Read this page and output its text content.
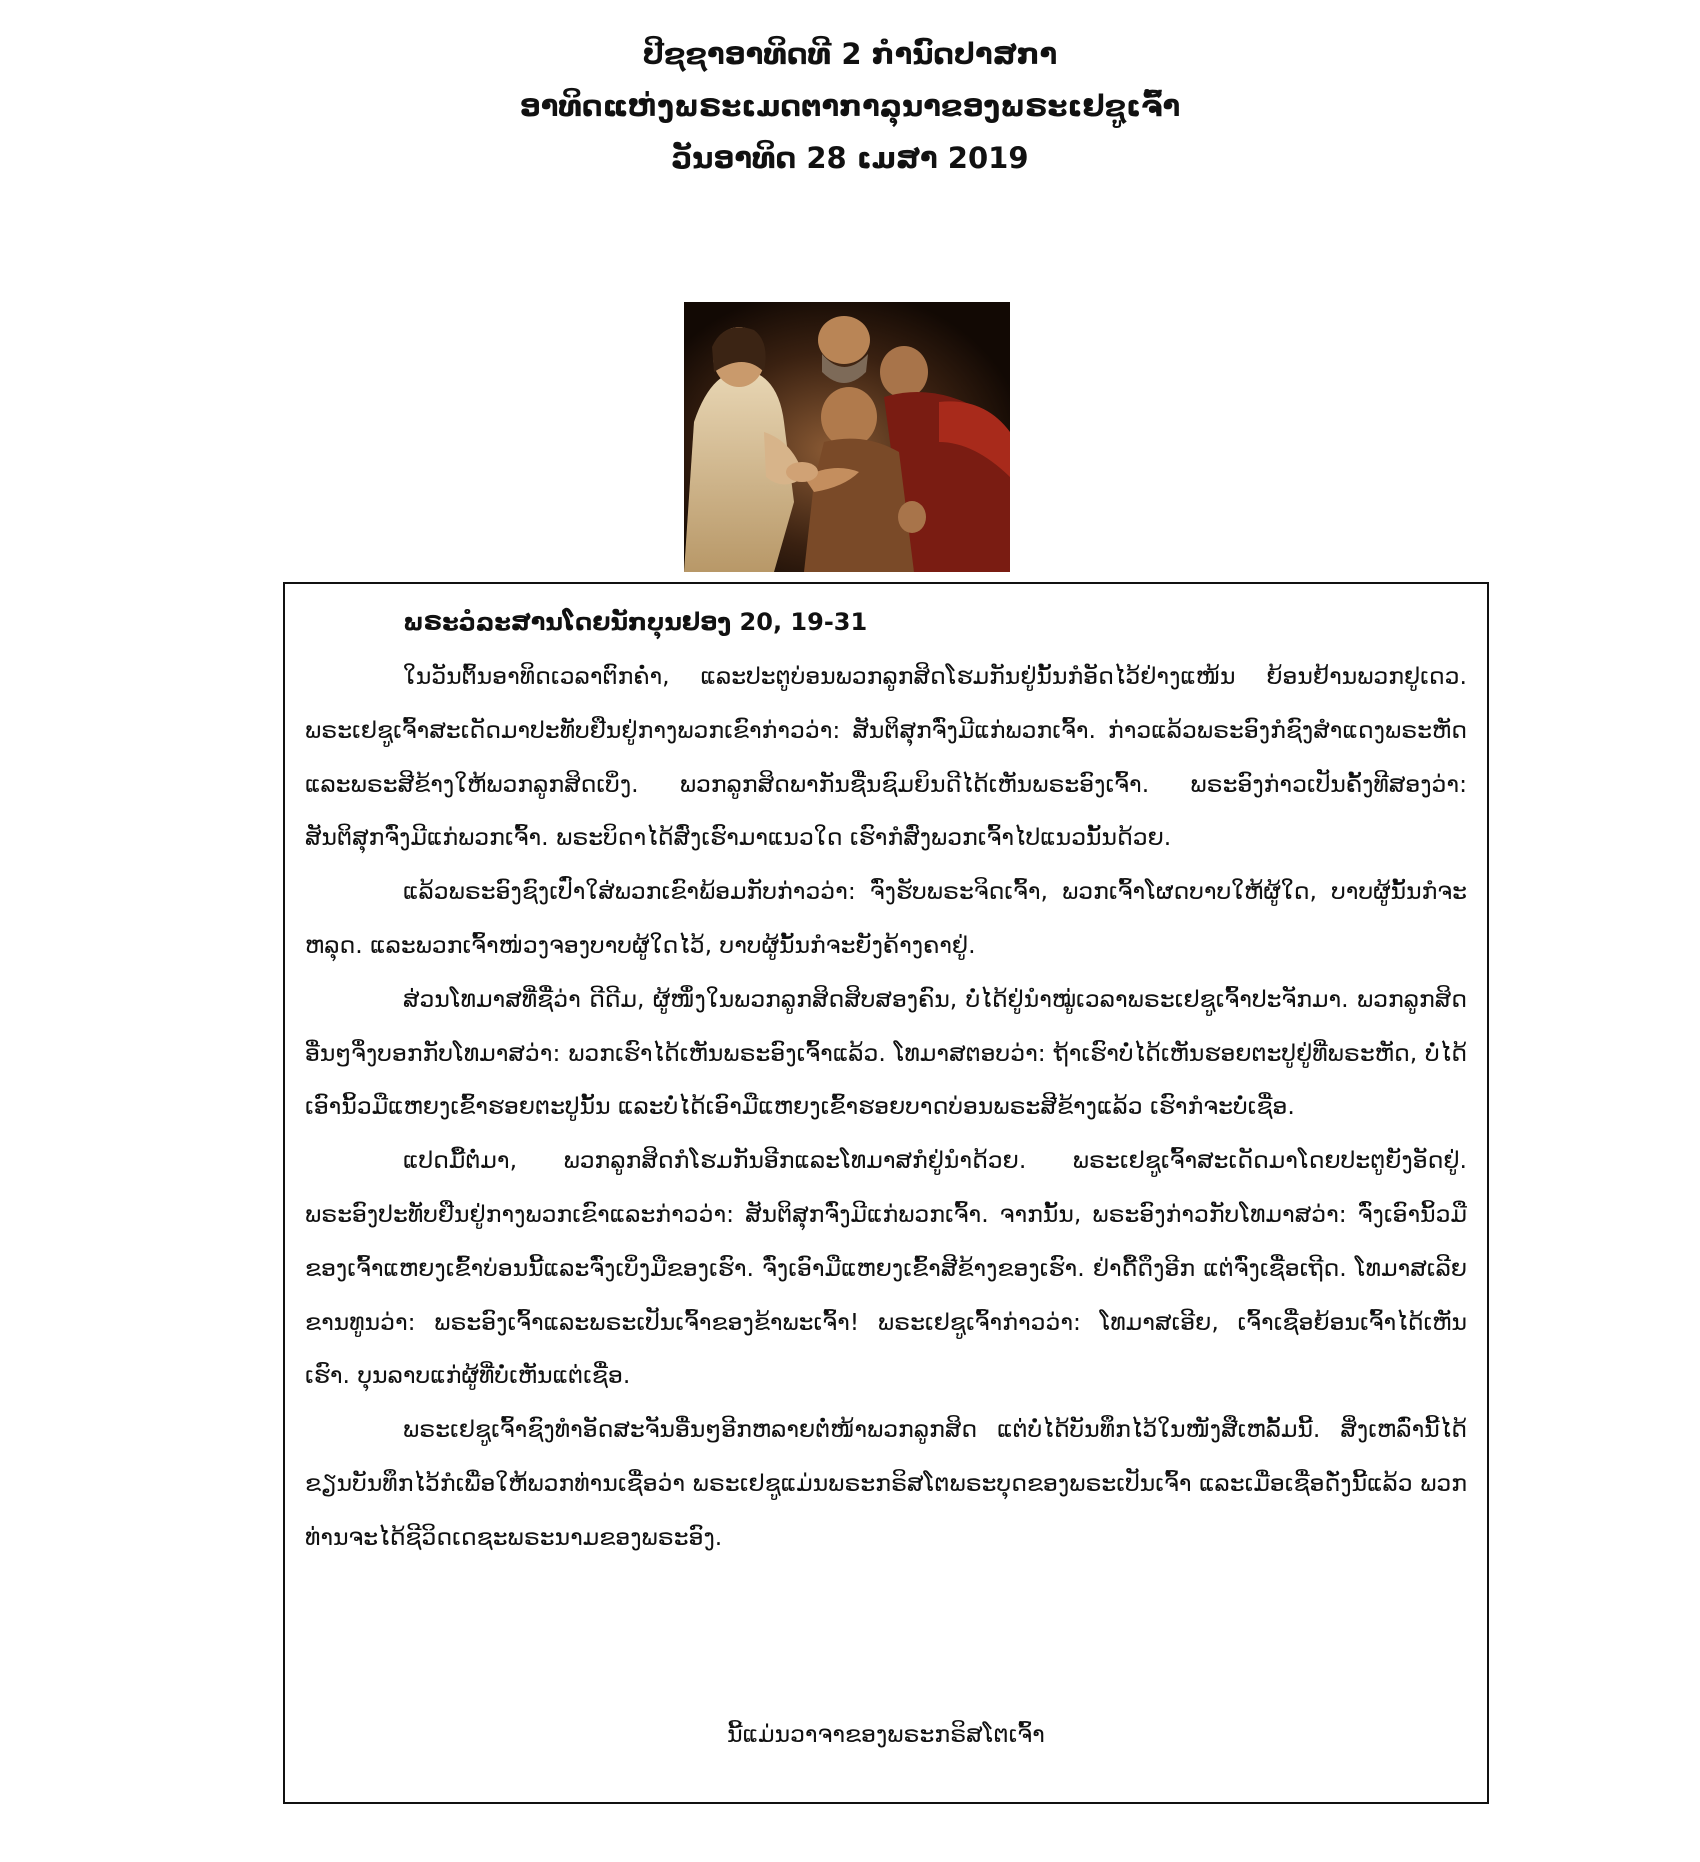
ປີຊຊາອາທິດທີ 2 ກໍານົດປາສກາ
ອາທິດແຫ່ງພຣະເມດຕາກາລຸນາຂອງພຣະເຢຊູເຈົ້າ
ວັນອາທິດ 28 ເມສາ 2019
ພຣະວໍລະສານໂດຍນັກບຸນຢອງ 20, 19-31

ໃນວັນຕົ້ນອາທິດເວລາຕົກຄໍ່າ, ແລະປະຕູບ່ອນພວກລູກສິດໂຮມກັນຢູ່ນັ້ນກໍອັດໄວ້ຢ່າງແໜ້ນ ຍ້ອນຢ້ານພວກຢູເດວ. ພຣະເຢຊູເຈົ້າສະເດັດມາປະທັບຢືນຢູ່ກາງພວກເຂົາກ່າວວ່າ: ສັນຕິສຸກຈົ່ງມີແກ່ພວກເຈົ້າ. ກ່າວແລ້ວພຣະອົງກໍຊົງສໍາແດງພຣະຫັດແລະພຣະສີຂ້າງໃຫ້ພວກລູກສິດເບິ່ງ. ພວກລູກສິດພາກັນຊື່ນຊົມຍິນດີໄດ້ເຫັນພຣະອົງເຈົ້າ. ພຣະອົງກ່າວເປັນຄັ້ງທີສອງວ່າ: ສັນຕິສຸກຈົ່ງມີແກ່ພວກເຈົ້າ. ພຣະບິດາໄດ້ສົ່ງເຮົາມາແນວໃດ ເຮົາກໍສົ່ງພວກເຈົ້າໄປແນວນັ້ນດ້ວຍ.

ແລ້ວພຣະອົງຊົງເປົ່າໃສ່ພວກເຂົາພ້ອມກັບກ່າວວ່າ: ຈົ່ງຮັບພຣະຈິດເຈົ້າ, ພວກເຈົ້າໂຜດບາບໃຫ້ຜູ້ໃດ, ບາບຜູ້ນັ້ນກໍຈະຫລຸດ. ແລະພວກເຈົ້າໜ່ວງຈອງບາບຜູ້ໃດໄວ້, ບາບຜູ້ນັ້ນກໍຈະຍັງຄ້າງຄາຢູ່.

ສ່ວນໂທມາສທີ່ຊື່ວ່າ ດີດີມ, ຜູ້ໜຶ່ງໃນພວກລູກສິດສິບສອງຄົນ, ບໍ່ໄດ້ຢູ່ນໍາໝູ່ເວລາພຣະເຢຊູເຈົ້າປະຈັກມາ. ພວກລູກສິດອື່ນໆຈຶ່ງບອກກັບໂທມາສວ່າ: ພວກເຮົາໄດ້ເຫັນພຣະອົງເຈົ້າແລ້ວ. ໂທມາສຕອບວ່າ: ຖ້າເຮົາບໍ່ໄດ້ເຫັນຮອຍຕະປູຢູ່ທີ່ພຣະຫັດ, ບໍ່ໄດ້ເອົານິ້ວມືແຫຍງເຂົ້າຮອຍຕະປູນັ້ນ ແລະບໍ່ໄດ້ເອົາມືແຫຍງເຂົ້າຮອຍບາດບ່ອນພຣະສີຂ້າງແລ້ວ ເຮົາກໍຈະບໍ່ເຊື່ອ.

ແປດມື້ຕໍ່ມາ, ພວກລູກສິດກໍໂຮມກັນອີກແລະໂທມາສກໍຢູ່ນໍາດ້ວຍ. ພຣະເຢຊູເຈົ້າສະເດັດມາໂດຍປະຕູຍັງອັດຢູ່. ພຣະອົງປະທັບຢືນຢູ່ກາງພວກເຂົາແລະກ່າວວ່າ: ສັນຕິສຸກຈົ່ງມີແກ່ພວກເຈົ້າ. ຈາກນັ້ນ, ພຣະອົງກ່າວກັບໂທມາສວ່າ: ຈົ່ງເອົານິ້ວມືຂອງເຈົ້າແຫຍງເຂົ້າບ່ອນນີ້ແລະຈົ່ງເບິ່ງມືຂອງເຮົາ. ຈົ່ງເອົາມືແຫຍງເຂົ້າສີຂ້າງຂອງເຮົາ. ຢ່າດື້ດຶງອີກ ແຕ່ຈົ່ງເຊື່ອເຖີດ. ໂທມາສເລີຍຂານທູນວ່າ: ພຣະອົງເຈົ້າແລະພຣະເປັນເຈົ້າຂອງຂ້າພະເຈົ້າ! ພຣະເຢຊູເຈົ້າກ່າວວ່າ: ໂທມາສເອີຍ, ເຈົ້າເຊື່ອຍ້ອນເຈົ້າໄດ້ເຫັນເຮົາ. ບຸນລາບແກ່ຜູ້ທີ່ບໍ່ເຫັນແຕ່ເຊື່ອ.

ພຣະເຢຊູເຈົ້າຊົງທໍາອັດສະຈັນອື່ນໆອີກຫລາຍຕໍ່ໜ້າພວກລູກສິດ ແຕ່ບໍ່ໄດ້ບັນທຶກໄວ້ໃນໜັງສືເຫລັ້ມນີ້. ສິ່ງເຫລົ່ານີ້ໄດ້ຂຽນບັນທຶກໄວ້ກໍເພື່ອໃຫ້ພວກທ່ານເຊື່ອວ່າ ພຣະເຢຊູແມ່ນພຣະກຣິສໂຕພຣະບຸດຂອງພຣະເປັນເຈົ້າ ແລະເມື່ອເຊື່ອດັ່ງນີ້ແລ້ວ ພວກທ່ານຈະໄດ້ຊີວິດເດຊະພຣະນາມຂອງພຣະອົງ.

ນີ້ແມ່ນວາຈາຂອງພຣະກຣິສໂຕເຈົ້າ
